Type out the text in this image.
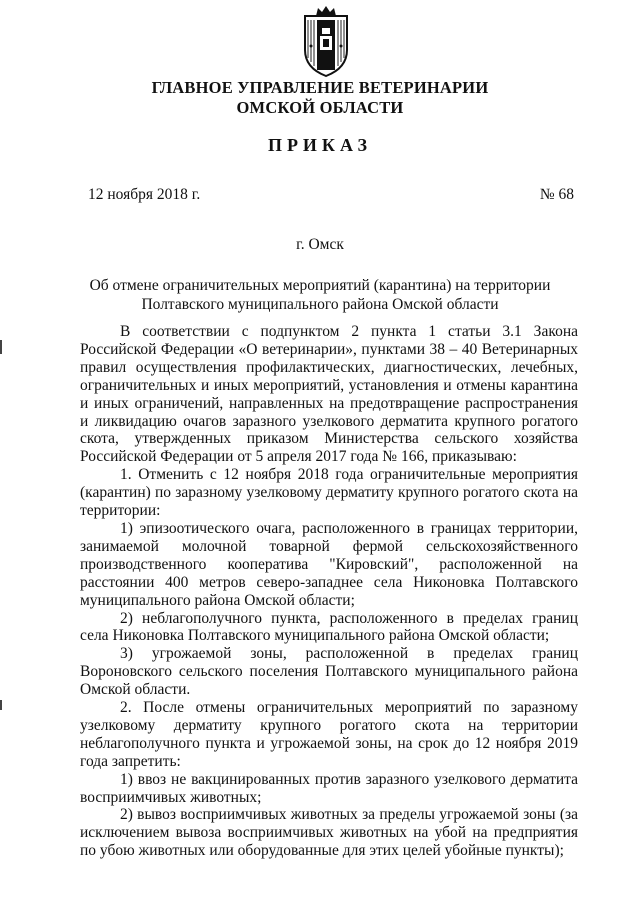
ГЛАВНОЕ УПРАВЛЕНИЕ ВЕТЕРИНАРИИ
ОМСКОЙ ОБЛАСТИ
ПРИКАЗ
12 ноября 2018 г.	№ 68
г. Омск
Об отмене ограничительных мероприятий (карантина) на территории
Полтавского муниципального района Омской области

В соответствии с подпунктом 2 пункта 1 статьи 3.1 Закона Российской Федерации «О ветеринарии», пунктами 38 – 40 Ветеринарных правил осуществления профилактических, диагностических, лечебных, ограничительных и иных мероприятий, установления и отмены карантина и иных ограничений, направленных на предотвращение распространения и ликвидацию очагов заразного узелкового дерматита крупного рогатого скота, утвержденных приказом Министерства сельского хозяйства Российской Федерации от 5 апреля 2017 года № 166, приказываю:

1. Отменить с 12 ноября 2018 года ограничительные мероприятия (карантин) по заразному узелковому дерматиту крупного рогатого скота на территории:

1) эпизоотического очага, расположенного в границах территории, занимаемой молочной товарной фермой сельскохозяйственного производственного кооператива "Кировский", расположенной на расстоянии 400 метров северо-западнее села Никоновка Полтавского муниципального района Омской области;

2) неблагополучного пункта, расположенного в пределах границ села Никоновка Полтавского муниципального района Омской области;

3) угрожаемой зоны, расположенной в пределах границ Вороновского сельского поселения Полтавского муниципального района Омской области.

2. После отмены ограничительных мероприятий по заразному узелковому дерматиту крупного рогатого скота на территории неблагополучного пункта и угрожаемой зоны, на срок до 12 ноября 2019 года запретить:

1) ввоз не вакцинированных против заразного узелкового дерматита восприимчивых животных;

2) вывоз восприимчивых животных за пределы угрожаемой зоны (за исключением вывоза восприимчивых животных на убой на предприятия по убою животных или оборудованные для этих целей убойные пункты);
